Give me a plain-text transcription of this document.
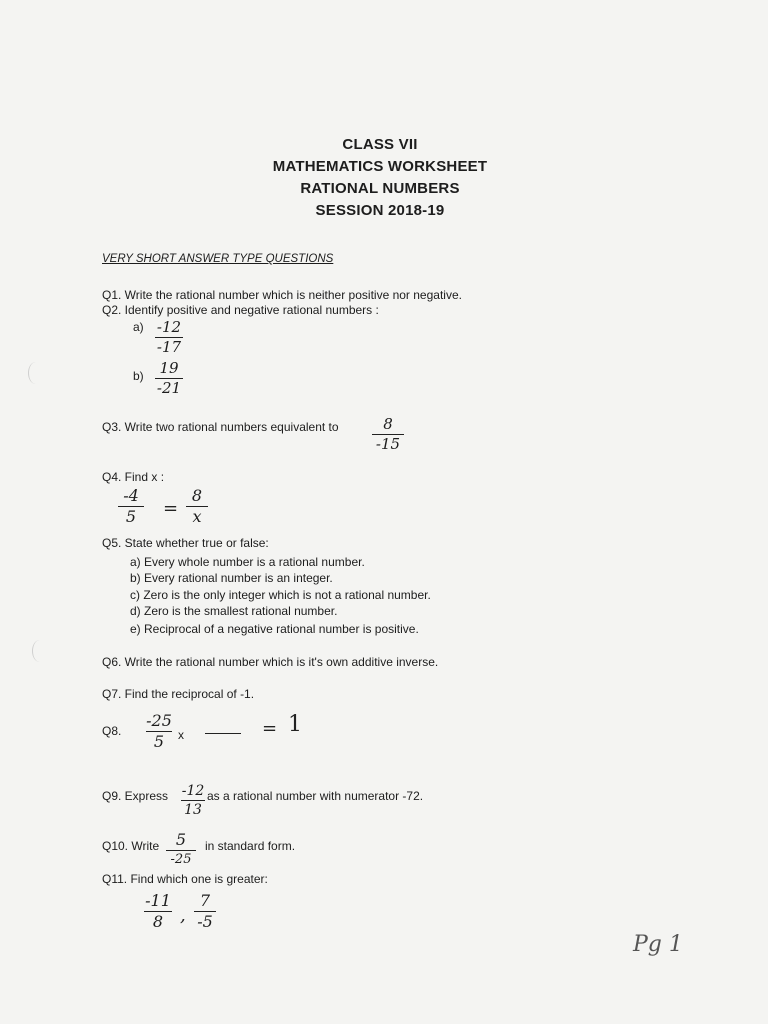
CLASS VII
MATHEMATICS WORKSHEET
RATIONAL NUMBERS
SESSION 2018-19
VERY SHORT ANSWER TYPE QUESTIONS
Q1. Write the rational number which is neither positive nor negative.
Q2. Identify positive and negative rational numbers :
a) -12
-17
b) 19
-21
Q3. Write two rational numbers equivalent to	8
-15
Q4. Find x :
-4
5 =
8
x
Q5. State whether true or false:
a) Every whole number is a rational number.
b) Every rational number is an integer.
c) Zero is the only integer which is not a rational number.
d) Zero is the smallest rational number.
e) Reciprocal of a negative rational number is positive.
Q6. Write the rational number which is it's own additive inverse.
Q7. Find the reciprocal of -1.
Q8.
-25
5 x	= 1
Q9. Express -12
13
as a rational number with numerator -72.
Q10. Write 5
-25
in standard form.
Q11. Find which one is greater:
-11
8 ,
7
-5
Pg 1
